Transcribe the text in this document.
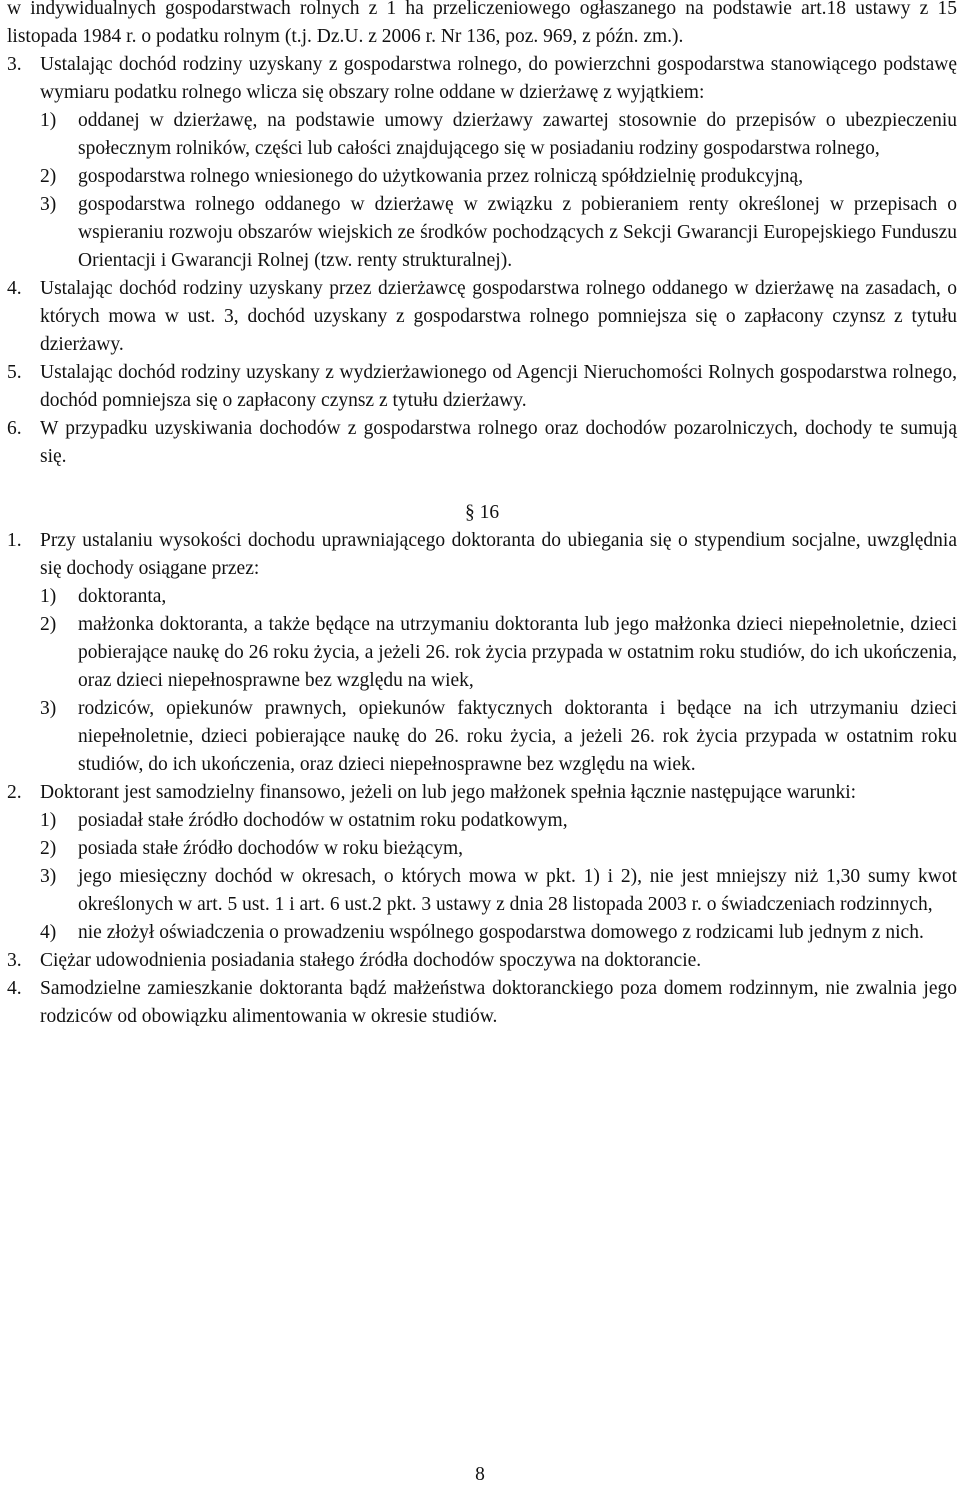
w indywidualnych gospodarstwach rolnych z 1 ha przeliczeniowego ogłaszanego na podstawie art.18 ustawy z 15 listopada 1984 r. o podatku rolnym (t.j. Dz.U. z 2006 r. Nr 136, poz. 969, z późn. zm.).

3. Ustalając dochód rodziny uzyskany z gospodarstwa rolnego, do powierzchni gospodarstwa stanowiącego podstawę wymiaru podatku rolnego wlicza się obszary rolne oddane w dzierżawę z wyjątkiem:
1)	oddanej w dzierżawę, na podstawie umowy dzierżawy zawartej stosownie do przepisów o ubezpieczeniu społecznym rolników, części lub całości znajdującego się w posiadaniu rodziny gospodarstwa rolnego,
2)	gospodarstwa rolnego wniesionego do użytkowania przez rolniczą spółdzielnię produkcyjną,
3)	gospodarstwa rolnego oddanego w dzierżawę w związku z pobieraniem renty określonej w przepisach o wspieraniu rozwoju obszarów wiejskich ze środków pochodzących z Sekcji Gwarancji Europejskiego Funduszu Orientacji i Gwarancji Rolnej (tzw. renty strukturalnej).
4. Ustalając dochód rodziny uzyskany przez dzierżawcę gospodarstwa rolnego oddanego w dzierżawę na zasadach, o których mowa w ust. 3, dochód uzyskany z gospodarstwa rolnego pomniejsza się o zapłacony czynsz z tytułu dzierżawy.
5. Ustalając dochód rodziny uzyskany z wydzierżawionego od Agencji Nieruchomości Rolnych gospodarstwa rolnego, dochód pomniejsza się o zapłacony czynsz z tytułu dzierżawy.
6. W przypadku uzyskiwania dochodów z gospodarstwa rolnego oraz dochodów pozarolniczych, dochody te sumują się.

§ 16

1. Przy ustalaniu wysokości dochodu uprawniającego doktoranta do ubiegania się o stypendium socjalne, uwzględnia się dochody osiągane przez:
1)	doktoranta,
2)	małżonka doktoranta, a także będące na utrzymaniu doktoranta lub jego małżonka dzieci niepełnoletnie, dzieci pobierające naukę do 26 roku życia, a jeżeli 26. rok życia przypada w ostatnim roku studiów, do ich ukończenia, oraz dzieci niepełnosprawne bez względu na wiek,
3)	rodziców, opiekunów prawnych, opiekunów faktycznych doktoranta i będące na ich utrzymaniu dzieci niepełnoletnie, dzieci pobierające naukę do 26. roku życia, a jeżeli 26. rok życia przypada w ostatnim roku studiów, do ich ukończenia, oraz dzieci niepełnosprawne bez względu na wiek.
2. Doktorant jest samodzielny finansowo, jeżeli on lub jego małżonek spełnia łącznie następujące warunki:
1)	posiadał stałe źródło dochodów w ostatnim roku podatkowym,
2)	posiada stałe źródło dochodów w roku bieżącym,
3)	jego miesięczny dochód w okresach, o których mowa w pkt. 1) i 2), nie jest mniejszy niż 1,30 sumy kwot określonych w art. 5 ust. 1 i art. 6 ust.2 pkt. 3 ustawy z dnia 28 listopada 2003 r. o świadczeniach rodzinnych,
4)	nie złożył oświadczenia o prowadzeniu wspólnego gospodarstwa domowego z rodzicami lub jednym z nich.
3. Ciężar udowodnienia posiadania stałego źródła dochodów spoczywa na doktorancie.
4. Samodzielne zamieszkanie doktoranta bądź małżeństwa doktoranckiego poza domem rodzinnym, nie zwalnia jego rodziców od obowiązku alimentowania w okresie studiów.
8
